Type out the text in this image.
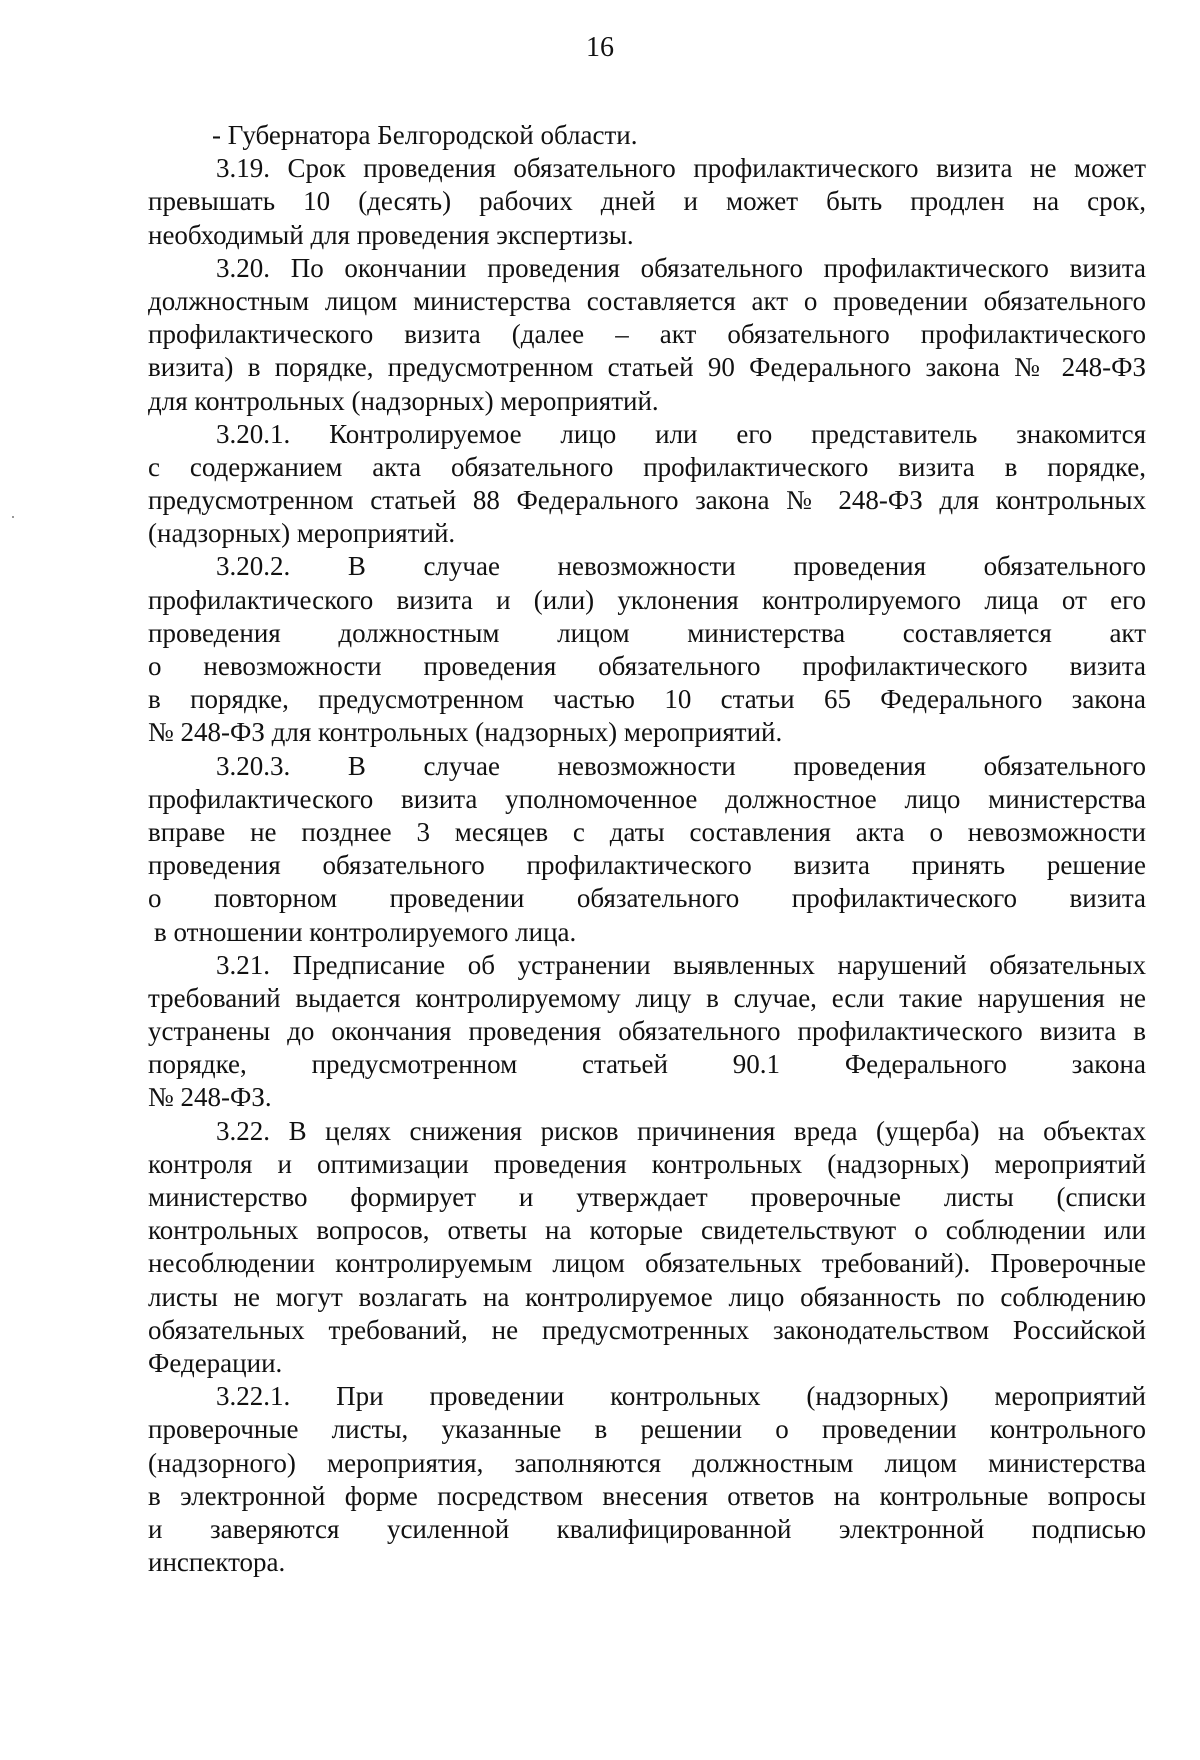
16
- Губернатора Белгородской области.
3.19. Срок проведения обязательного профилактического визита не может
превышать 10 (десять) рабочих дней и может быть продлен на срок,
необходимый для проведения экспертизы.
3.20. По окончании проведения обязательного профилактического визита
должностным лицом министерства составляется акт о проведении обязательного
профилактического визита (далее – акт обязательного профилактического
визита) в порядке, предусмотренном статьей 90 Федерального закона № 248-ФЗ
для контрольных (надзорных) мероприятий.
3.20.1. Контролируемое лицо или его представитель знакомится
с содержанием акта обязательного профилактического визита в порядке,
предусмотренном статьей 88 Федерального закона № 248-ФЗ для контрольных
(надзорных) мероприятий.
3.20.2. В случае невозможности проведения обязательного
профилактического визита и (или) уклонения контролируемого лица от его
проведения должностным лицом министерства составляется акт
о невозможности проведения обязательного профилактического визита
в порядке, предусмотренном частью 10 статьи 65 Федерального закона
№ 248-ФЗ для контрольных (надзорных) мероприятий.
3.20.3. В случае невозможности проведения обязательного
профилактического визита уполномоченное должностное лицо министерства
вправе не позднее 3 месяцев с даты составления акта о невозможности
проведения обязательного профилактического визита принять решение
о повторном проведении обязательного профилактического визита
в отношении контролируемого лица.
3.21. Предписание об устранении выявленных нарушений обязательных
требований выдается контролируемому лицу в случае, если такие нарушения не
устранены до окончания проведения обязательного профилактического визита в
порядке, предусмотренном статьей 90.1 Федерального закона
№ 248-ФЗ.
3.22. В целях снижения рисков причинения вреда (ущерба) на объектах
контроля и оптимизации проведения контрольных (надзорных) мероприятий
министерство формирует и утверждает проверочные листы (списки
контрольных вопросов, ответы на которые свидетельствуют о соблюдении или
несоблюдении контролируемым лицом обязательных требований). Проверочные
листы не могут возлагать на контролируемое лицо обязанность по соблюдению
обязательных требований, не предусмотренных законодательством Российской
Федерации.
3.22.1. При проведении контрольных (надзорных) мероприятий
проверочные листы, указанные в решении о проведении контрольного
(надзорного) мероприятия, заполняются должностным лицом министерства
в электронной форме посредством внесения ответов на контрольные вопросы
и заверяются усиленной квалифицированной электронной подписью
инспектора.
